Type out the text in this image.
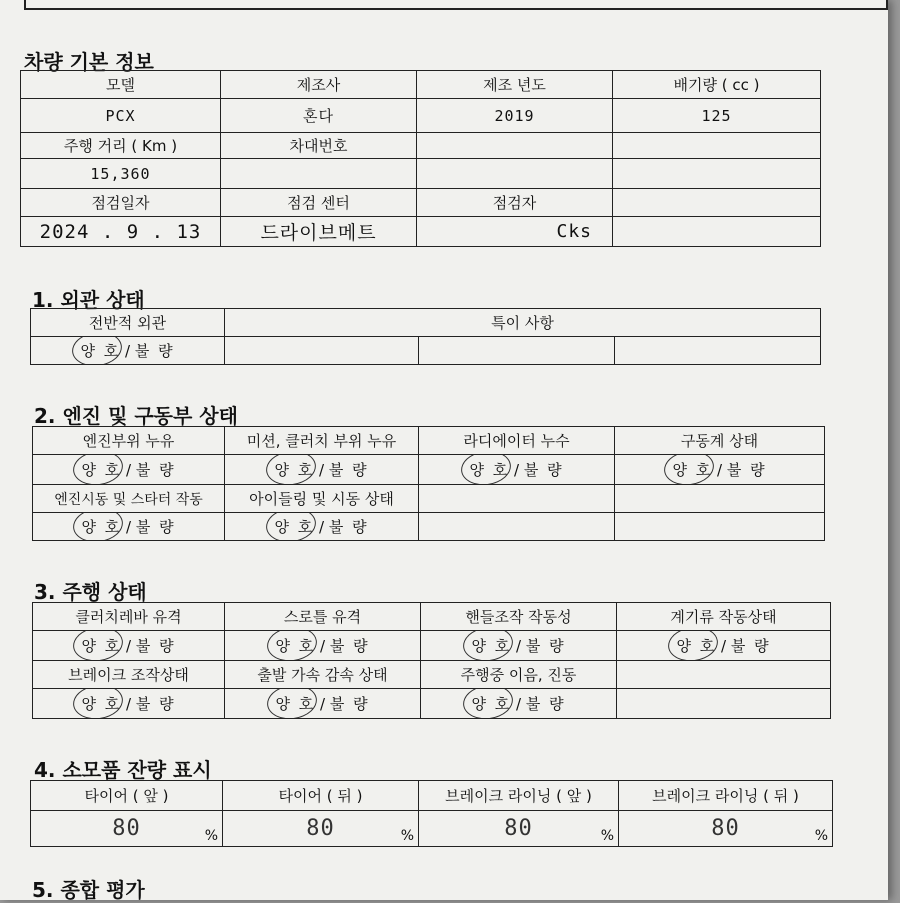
차량 기본 정보
모델	제조사	제조 년도	배기량 ( cc )
PCX	혼다	2019	125
주행 거리 ( Km )	차대번호		
15,360			
점검일자	점검 센터	점검자	
2024 . 9 . 13	드라이브메트	Cks	
1. 외관 상태
전반적 외관	특이 사항		

양 호 / 불 량			
2. 엔진 및 구동부 상태
엔진부위 누유	미션, 클러치 부위 누유	라디에이터 누수	구동계 상태

양 호 / 불 량	양 호 / 불 량	양 호 / 불 량	양 호 / 불 량
엔진시동 및 스타터 작동	아이들링 및 시동 상태		

양 호 / 불 량	양 호 / 불 량		
3. 주행 상태
클러치레바 유격	스로틀 유격	핸들조작 작동성	계기류 작동상태

양 호 / 불 량	양 호 / 불 량	양 호 / 불 량	양 호 / 불 량
브레이크 조작상태	출발 가속 감속 상태	주행중 이음, 진동	

양 호 / 불 량	양 호 / 불 량	양 호 / 불 량	
4. 소모품 잔량 표시
타이어 ( 앞 )	타이어 ( 뒤 )	브레이크 라이닝 ( 앞 )	브레이크 라이닝 ( 뒤 )
80 %	80 %	80 %	80 %
5. 종합 평가
